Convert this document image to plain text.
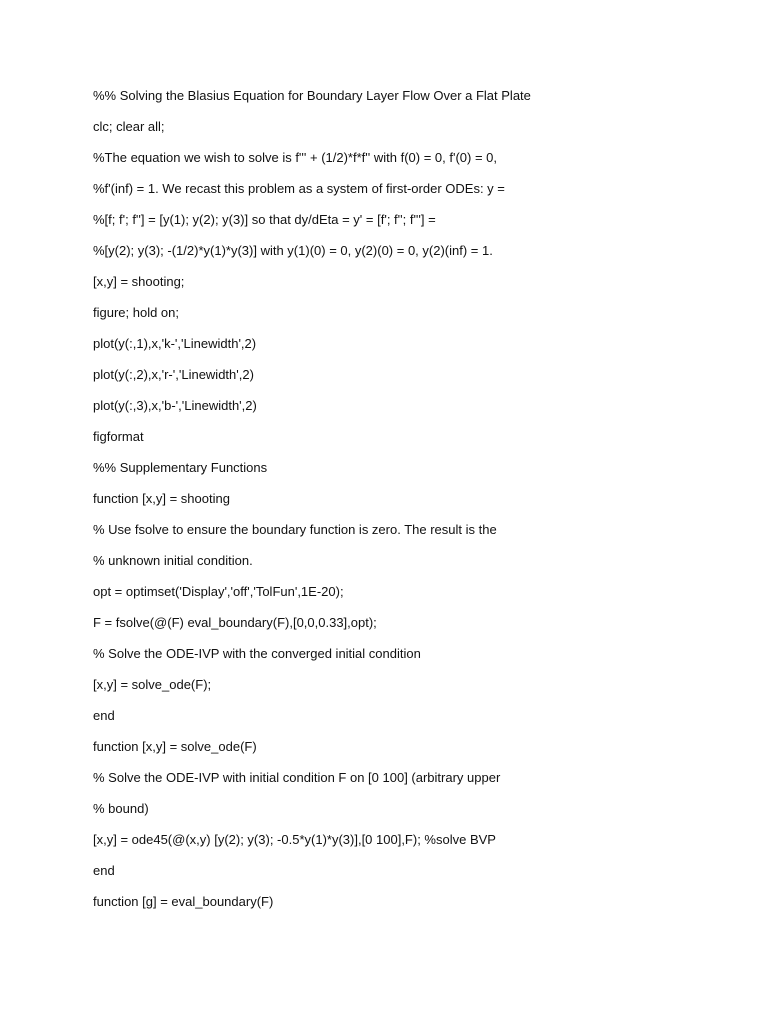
%% Solving the Blasius Equation for Boundary Layer Flow Over a Flat Plate
clc; clear all;
%The equation we wish to solve is f''' + (1/2)*f*f'' with f(0) = 0, f'(0) = 0,
%f'(inf) = 1. We recast this problem as a system of first-order ODEs: y =
%[f; f'; f''] = [y(1); y(2); y(3)] so that dy/dEta = y' = [f'; f''; f'''] =
%[y(2); y(3); -(1/2)*y(1)*y(3)] with y(1)(0) = 0, y(2)(0) = 0, y(2)(inf) = 1.
[x,y] = shooting;
figure; hold on;
plot(y(:,1),x,'k-','Linewidth',2)
plot(y(:,2),x,'r-','Linewidth',2)
plot(y(:,3),x,'b-','Linewidth',2)
figformat
%% Supplementary Functions
function [x,y] = shooting
% Use fsolve to ensure the boundary function is zero. The result is the
% unknown initial condition.
opt = optimset('Display','off','TolFun',1E-20);
F = fsolve(@(F) eval_boundary(F),[0,0,0.33],opt);
% Solve the ODE-IVP with the converged initial condition
[x,y] = solve_ode(F);
end
function [x,y] = solve_ode(F)
% Solve the ODE-IVP with initial condition F on [0 100] (arbitrary upper
% bound)
[x,y] = ode45(@(x,y) [y(2); y(3); -0.5*y(1)*y(3)],[0 100],F); %solve BVP
end
function [g] = eval_boundary(F)
